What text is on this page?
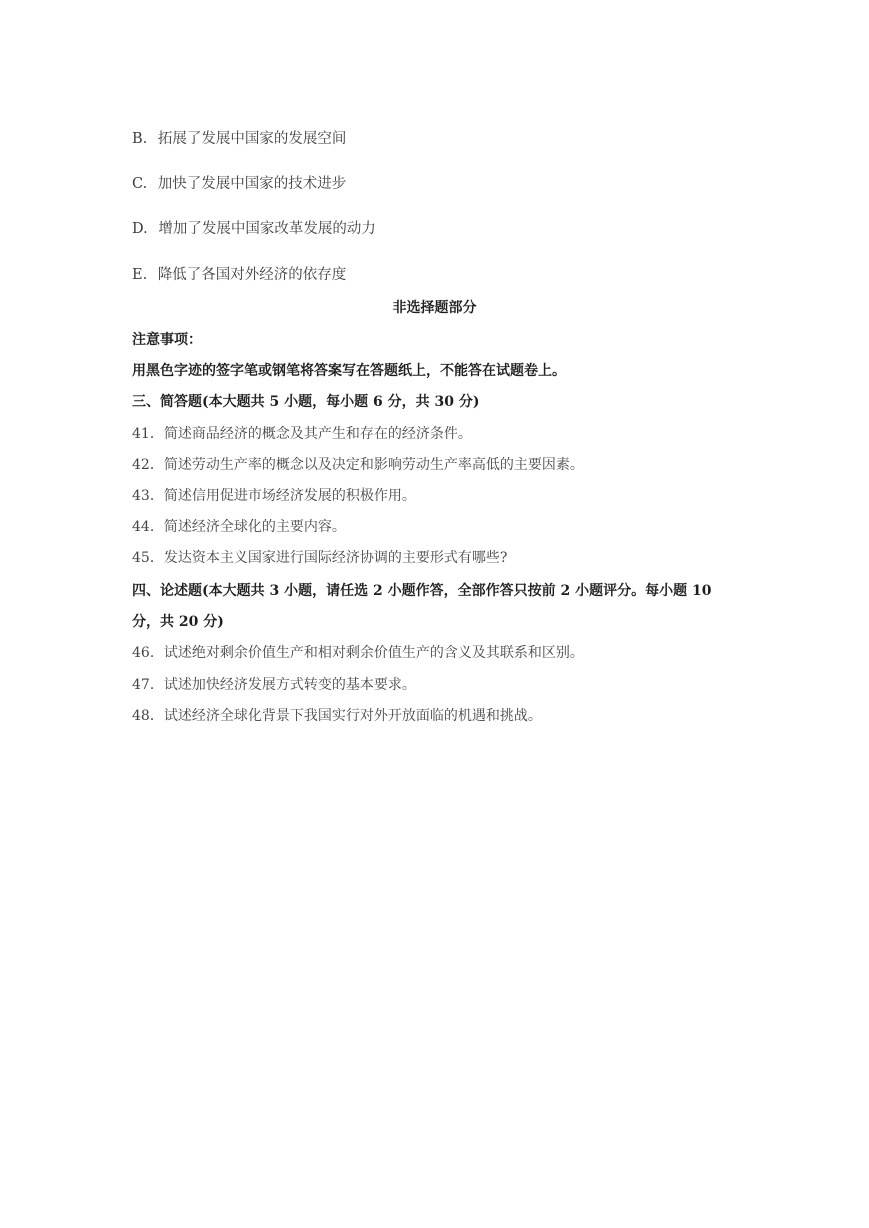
B. 拓展了发展中国家的发展空间
C. 加快了发展中国家的技术进步
D. 增加了发展中国家改革发展的动力
E. 降低了各国对外经济的依存度
非选择题部分
注意事项：
用黑色字迹的签字笔或钢笔将答案写在答题纸上，不能答在试题卷上。
三、简答题(本大题共 5 小题，每小题 6 分，共 30 分)
41．简述商品经济的概念及其产生和存在的经济条件。
42．简述劳动生产率的概念以及决定和影响劳动生产率高低的主要因素。
43．简述信用促进市场经济发展的积极作用。
44．简述经济全球化的主要内容。
45．发达资本主义国家进行国际经济协调的主要形式有哪些?
四、论述题(本大题共 3 小题，请任选 2 小题作答，全部作答只按前 2 小题评分。每小题 10
分，共 20 分)
46．试述绝对剩余价值生产和相对剩余价值生产的含义及其联系和区别。
47．试述加快经济发展方式转变的基本要求。
48．试述经济全球化背景下我国实行对外开放面临的机遇和挑战。
